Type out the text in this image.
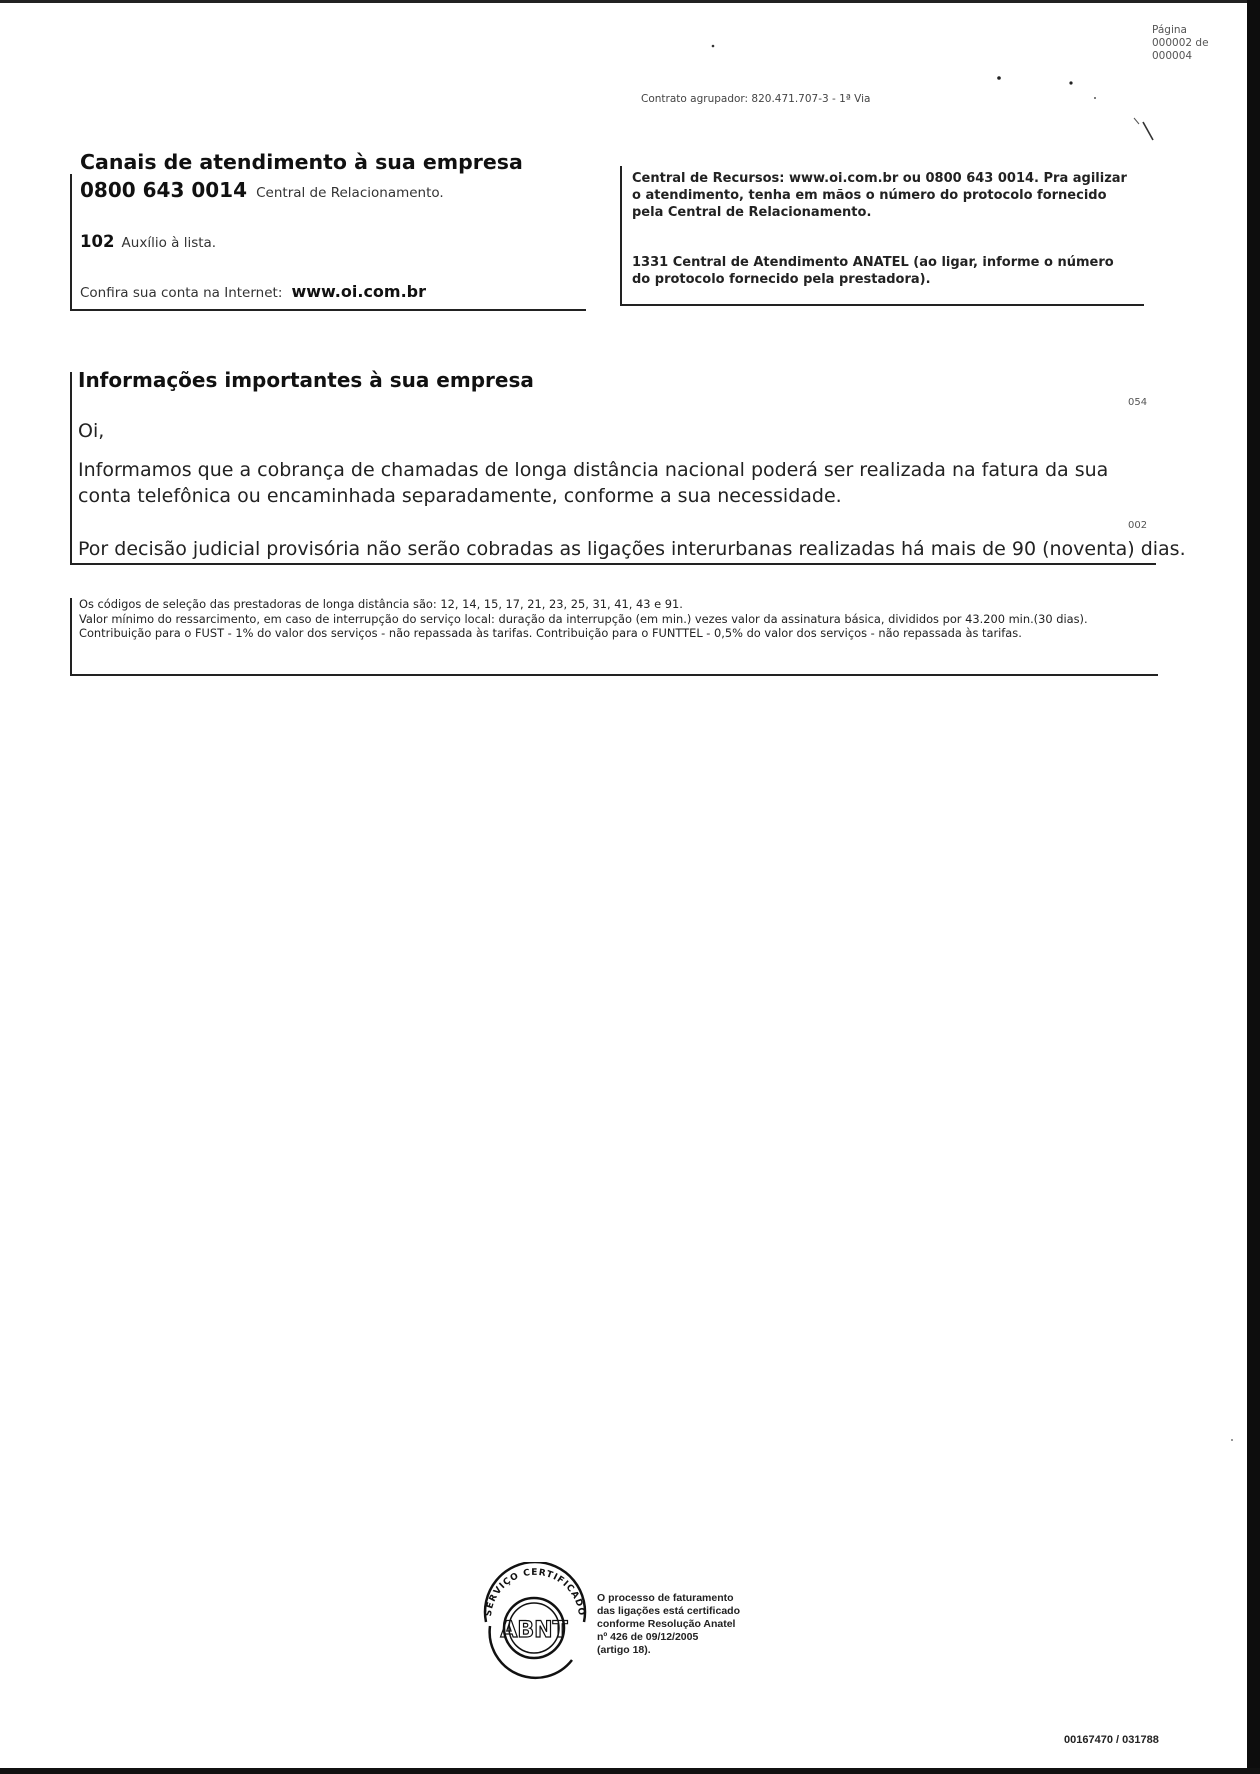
Página
000002 de
000004
Contrato agrupador: 820.471.707-3 - 1ª Via
Canais de atendimento à sua empresa
0800 643 0014 Central de Relacionamento.
102 Auxílio à lista.
Confira sua conta na Internet: www.oi.com.br
Central de Recursos: www.oi.com.br ou 0800 643 0014. Pra agilizar o atendimento, tenha em mãos o número do protocolo fornecido pela Central de Relacionamento.
1331 Central de Atendimento ANATEL (ao ligar, informe o número do protocolo fornecido pela prestadora).
Informações importantes à sua empresa
054
Oi,
Informamos que a cobrança de chamadas de longa distância nacional poderá ser realizada na fatura da sua conta telefônica ou encaminhada separadamente, conforme a sua necessidade.
002
Por decisão judicial provisória não serão cobradas as ligações interurbanas realizadas há mais de 90 (noventa) dias.
Os códigos de seleção das prestadoras de longa distância são: 12, 14, 15, 17, 21, 23, 25, 31, 41, 43 e 91.
Valor mínimo do ressarcimento, em caso de interrupção do serviço local: duração da interrupção (em min.) vezes valor da assinatura básica, divididos por 43.200 min.(30 dias).
Contribuição para o FUST - 1% do valor dos serviços - não repassada às tarifas. Contribuição para o FUNTTEL - 0,5% do valor dos serviços - não repassada às tarifas.
SERVIÇO CERTIFICADO
ABNT
O processo de faturamento
das ligações está certificado
conforme Resolução Anatel
nº 426 de 09/12/2005
(artigo 18).
00167470 / 031788
